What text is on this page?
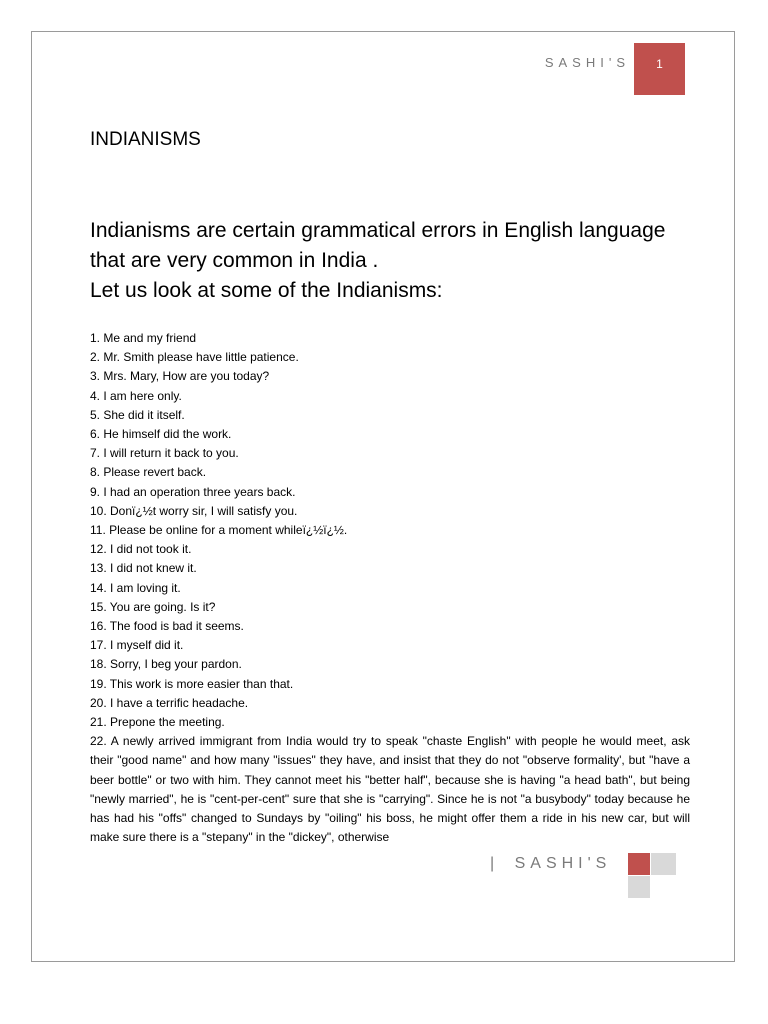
SASHI'S	1
INDIANISMS

Indianisms are certain grammatical errors in English language that are very common in India .

Let us look at some of the Indianisms:

1. Me and my friend
2. Mr. Smith please have little patience.
3. Mrs. Mary, How are you today?
4. I am here only.
5. She did it itself.
6. He himself did the work.
7. I will return it back to you.
8. Please revert back.
9. I had an operation three years back.
10. Donï¿½t worry sir, I will satisfy you.
11. Please be online for a moment whileï¿½ï¿½.
12. I did not took it.
13. I did not knew it.
14. I am loving it.
15. You are going. Is it?
16. The food is bad it seems.
17. I myself did it.
18. Sorry, I beg your pardon.
19. This work is more easier than that.
20. I have a terrific headache.
21. Prepone the meeting.
22. A newly arrived immigrant from India would try to speak "chaste English" with people he would meet, ask their "good name" and how many "issues" they have, and insist that they do not "observe formality', but "have a beer bottle" or two with him. They cannot meet his "better half", because she is having "a head bath", but being "newly married", he is "cent-per-cent" sure that she is "carrying". Since he is not "a busybody" today because he has had his "offs" changed to Sundays by "oiling" his boss, he might offer them a ride in his new car, but will make sure there is a "stepany" in the "dickey", otherwise
| SASHI'S
